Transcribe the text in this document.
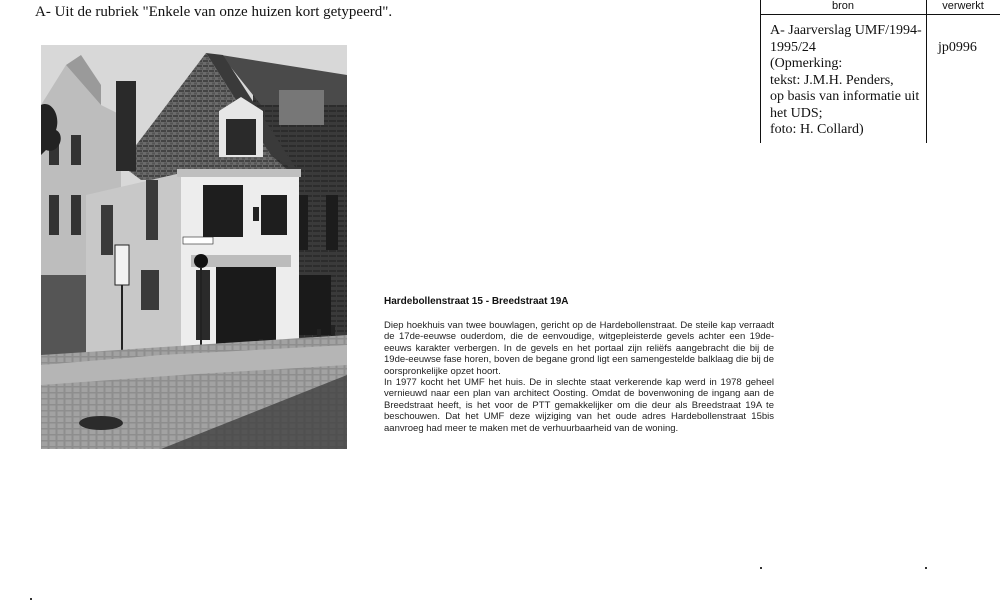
A- Uit de rubriek "Enkele van onze huizen kort getypeerd".	bron	verwerkt
A- Jaarverslag UMF/1994-
1995/24
(Opmerking:
tekst: J.M.H. Penders,
op basis van informatie uit
het UDS;
foto: H. Collard)
jp0996
Hardebollenstraat 15 - Breedstraat 19A

Diep hoekhuis van twee bouwlagen, gericht op de Hardebollenstraat. De steile kap verraadt de 17de-eeuwse ouderdom, die de eenvoudige, witgepleisterde gevels achter een 19de-eeuws karakter verbergen. In de gevels en het portaal zijn reliëfs aangebracht die bij de 19de-eeuwse fase horen, boven de begane grond ligt een samengestelde balklaag die bij de oorspronkelijke opzet hoort.

In 1977 kocht het UMF het huis. De in slechte staat verkerende kap werd in 1978 geheel vernieuwd naar een plan van architect Oosting. Omdat de bovenwoning de ingang aan de Breedstraat heeft, is het voor de PTT gemakkelijker om die deur als Breedstraat 19A te beschouwen. Dat het UMF deze wijziging van het oude adres Hardebollenstraat 15bis aanvroeg had meer te maken met de verhuurbaarheid van de woning.
